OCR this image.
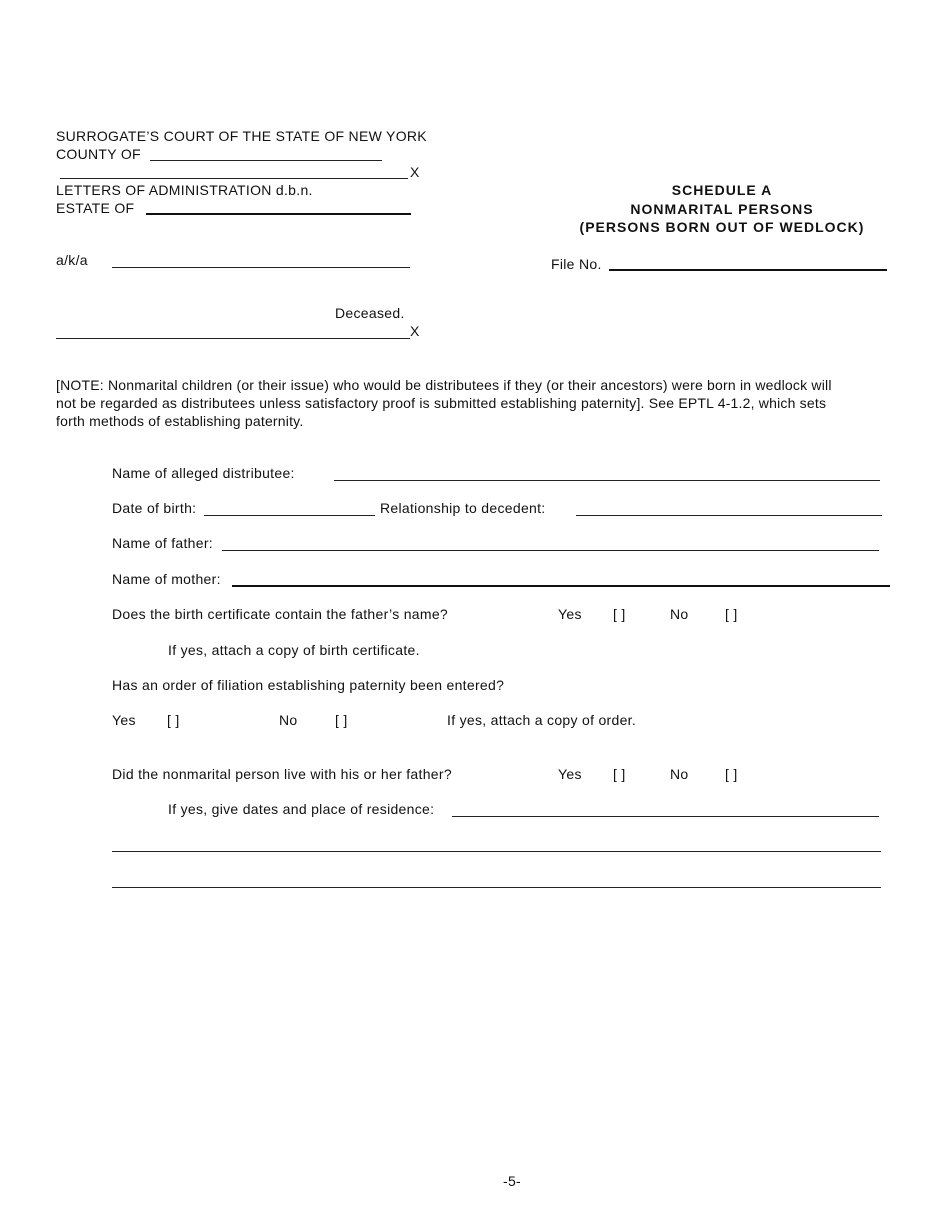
SURROGATE’S COURT OF THE STATE OF NEW YORK
COUNTY OF
X
LETTERS OF ADMINISTRATION d.b.n.
ESTATE OF
a/k/a
Deceased.
X
SCHEDULE A
NONMARITAL PERSONS
(PERSONS BORN OUT OF WEDLOCK)
File No.
[NOTE: Nonmarital children (or their issue) who would be distributees if they (or their ancestors) were born in wedlock will
not be regarded as distributees unless satisfactory proof is submitted establishing paternity]. See EPTL 4-1.2, which sets
forth methods of establishing paternity.
Name of alleged distributee:
Date of birth:	Relationship to decedent:
Name of father:
Name of mother:
Does the birth certificate contain the father’s name?	Yes [ ]	No	[ ]
If yes, attach a copy of birth certificate.
Has an order of filiation establishing paternity been entered?
Yes [ ]	No	[ ]	If yes, attach a copy of order.
Did the nonmarital person live with his or her father?	Yes [ ]	No	[ ]
If yes, give dates and place of residence:
-5-
